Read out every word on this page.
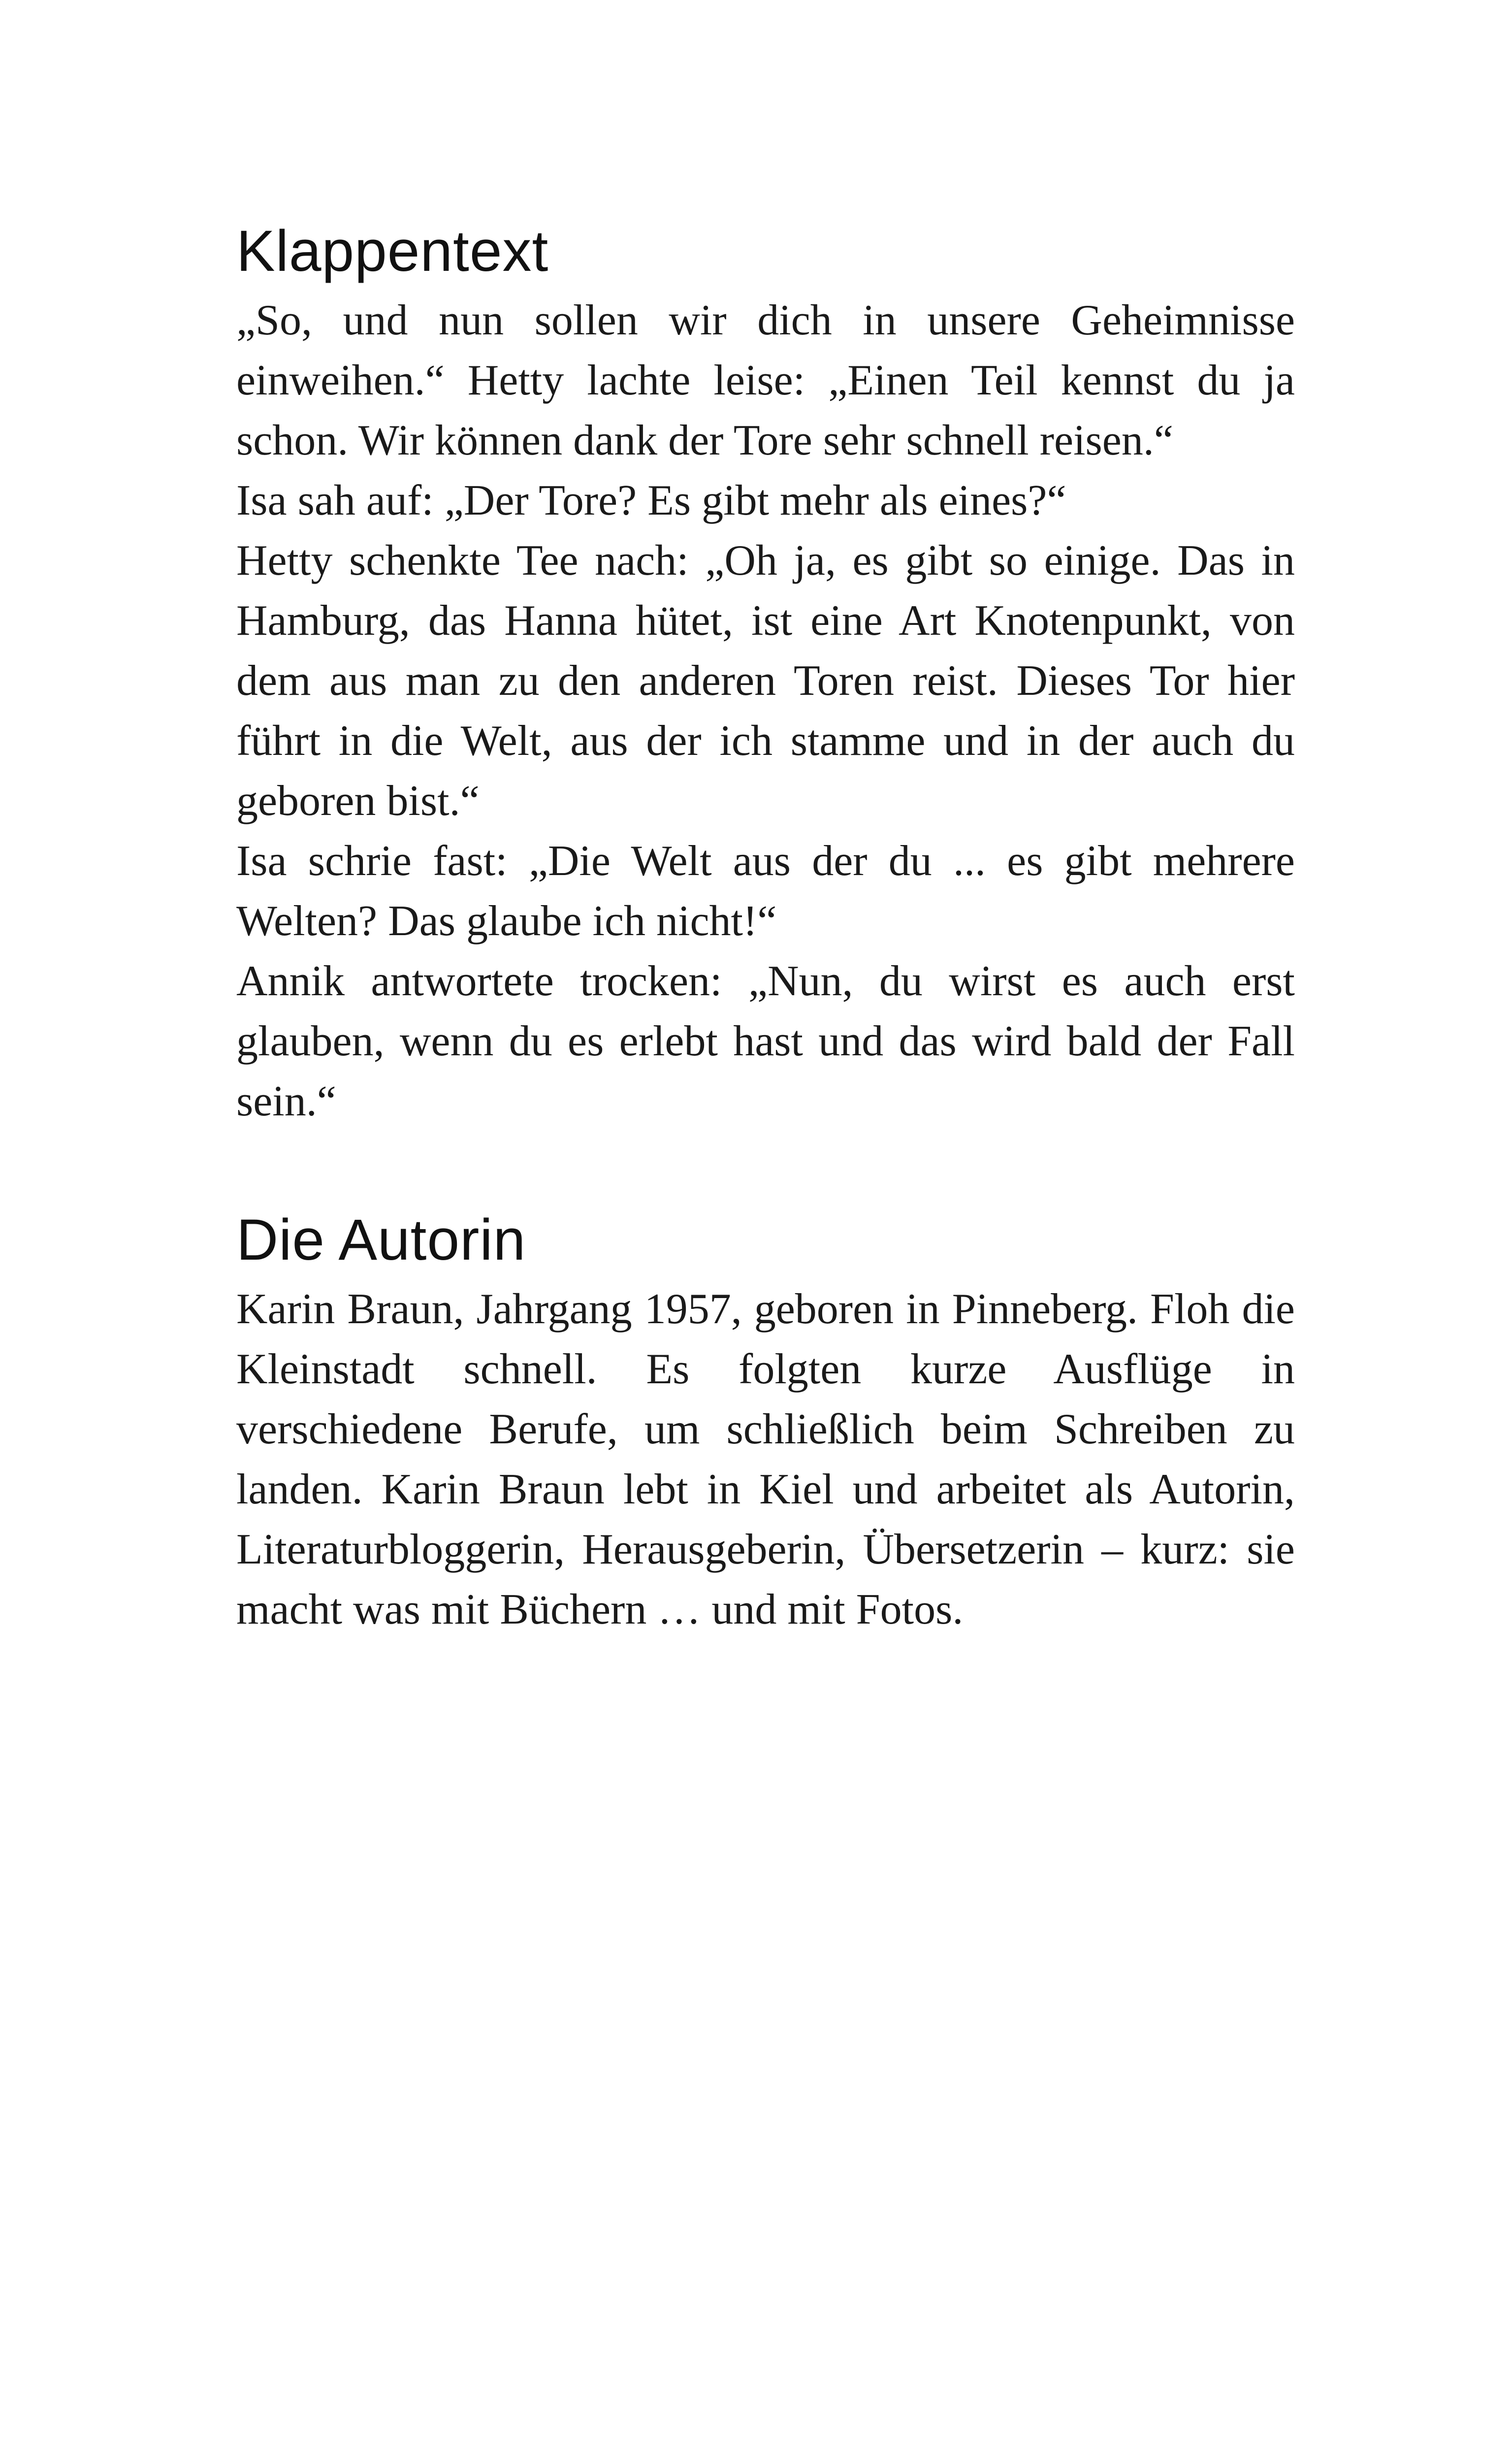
Klappentext

„So, und nun sollen wir dich in unsere Geheimnisse einweihen.“ Hetty lachte leise: „Einen Teil kennst du ja schon. Wir können dank der Tore sehr schnell reisen.“

Isa sah auf: „Der Tore? Es gibt mehr als eines?“

Hetty schenkte Tee nach: „Oh ja, es gibt so einige. Das in Hamburg, das Hanna hütet, ist eine Art Knotenpunkt, von dem aus man zu den anderen Toren reist. Dieses Tor hier führt in die Welt, aus der ich stamme und in der auch du geboren bist.“

Isa schrie fast: „Die Welt aus der du ... es gibt mehrere Welten? Das glaube ich nicht!“

Annik antwortete trocken: „Nun, du wirst es auch erst glauben, wenn du es erlebt hast und das wird bald der Fall sein.“

Die Autorin

Karin Braun, Jahrgang 1957, geboren in Pinneberg. Floh die Kleinstadt schnell. Es folgten kurze Ausflüge in verschiedene Berufe, um schließlich beim Schreiben zu landen. Karin Braun lebt in Kiel und arbeitet als Autorin, Literaturbloggerin, Herausgeberin, Übersetzerin – kurz: sie macht was mit Büchern … und mit Fotos.
